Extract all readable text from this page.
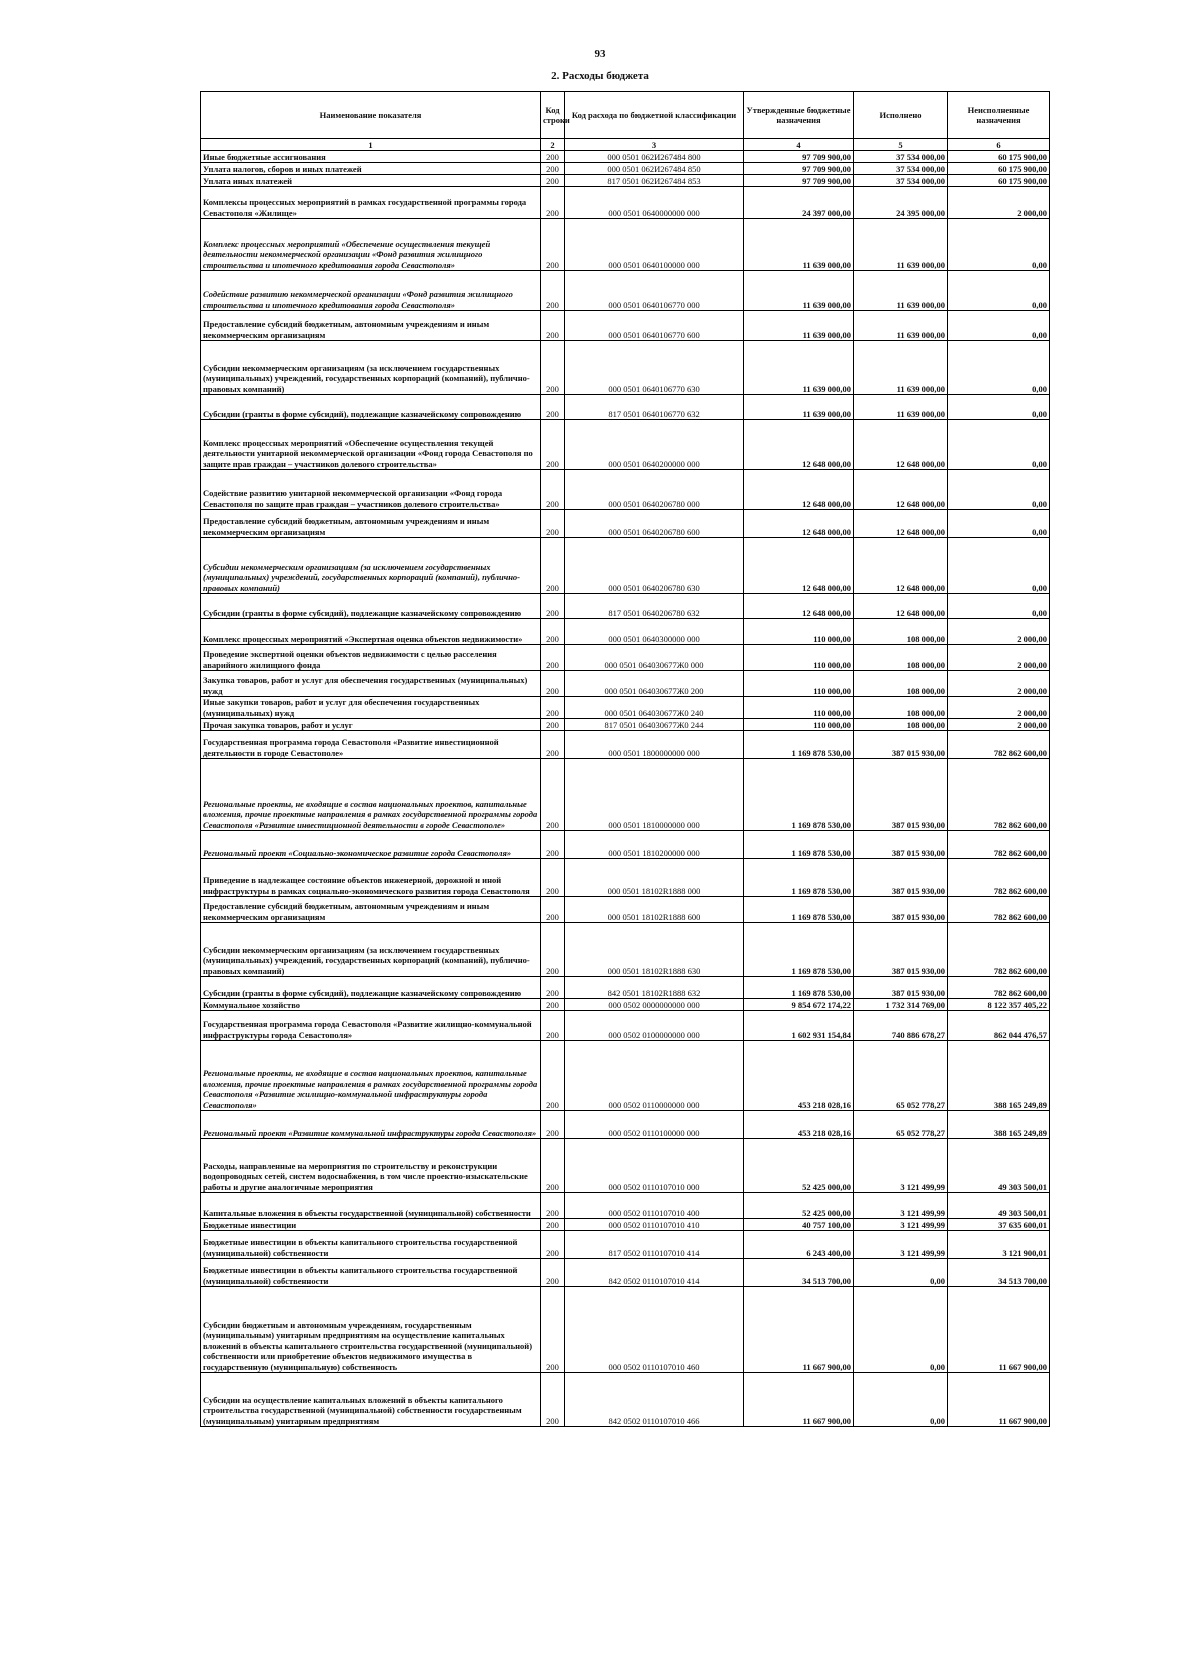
93
2. Расходы бюджета
Наименование показателя	Код строки	Код расхода по бюджетной классификации	Утвержденные бюджетные назначения	Исполнено	Неисполненные назначения
1	2	3	4	5	6
Иные бюджетные ассигнования	200	000 0501 062И267484 800	97 709 900,00	37 534 000,00	60 175 900,00
Уплата налогов, сборов и иных платежей	200	000 0501 062И267484 850	97 709 900,00	37 534 000,00	60 175 900,00
Уплата иных платежей	200	817 0501 062И267484 853	97 709 900,00	37 534 000,00	60 175 900,00
Комплексы процессных мероприятий в рамках государственной программы города Севастополя «Жилище»	200	000 0501 0640000000 000	24 397 000,00	24 395 000,00	2 000,00
Комплекс процессных мероприятий «Обеспечение осуществления текущей деятельности некоммерческой организации «Фонд развития жилищного строительства и ипотечного кредитования города Севастополя»	200	000 0501 0640100000 000	11 639 000,00	11 639 000,00	0,00
Содействие развитию некоммерческой организации «Фонд развития жилищного строительства и ипотечного кредитования города Севастополя»	200	000 0501 0640106770 000	11 639 000,00	11 639 000,00	0,00
Предоставление субсидий бюджетным, автономным учреждениям и иным некоммерческим организациям	200	000 0501 0640106770 600	11 639 000,00	11 639 000,00	0,00
Субсидии некоммерческим организациям (за исключением государственных (муниципальных) учреждений, государственных корпораций (компаний), публично-правовых компаний)	200	000 0501 0640106770 630	11 639 000,00	11 639 000,00	0,00
Субсидии (гранты в форме субсидий), подлежащие казначейскому сопровождению	200	817 0501 0640106770 632	11 639 000,00	11 639 000,00	0,00
Комплекс процессных мероприятий «Обеспечение осуществления текущей деятельности унитарной некоммерческой организации «Фонд города Севастополя по защите прав граждан – участников долевого строительства»	200	000 0501 0640200000 000	12 648 000,00	12 648 000,00	0,00
Содействие развитию унитарной некоммерческой организации «Фонд города Севастополя по защите прав граждан – участников долевого строительства»	200	000 0501 0640206780 000	12 648 000,00	12 648 000,00	0,00
Предоставление субсидий бюджетным, автономным учреждениям и иным некоммерческим организациям	200	000 0501 0640206780 600	12 648 000,00	12 648 000,00	0,00
Субсидии некоммерческим организациям (за исключением государственных (муниципальных) учреждений, государственных корпораций (компаний), публично-правовых компаний)	200	000 0501 0640206780 630	12 648 000,00	12 648 000,00	0,00
Субсидии (гранты в форме субсидий), подлежащие казначейскому сопровождению	200	817 0501 0640206780 632	12 648 000,00	12 648 000,00	0,00
Комплекс процессных мероприятий «Экспертная оценка объектов недвижимости»	200	000 0501 0640300000 000	110 000,00	108 000,00	2 000,00
Проведение экспертной оценки объектов недвижимости с целью расселения аварийного жилищного фонда	200	000 0501 064030677Ж0 000	110 000,00	108 000,00	2 000,00
Закупка товаров, работ и услуг для обеспечения государственных (муниципальных) нужд	200	000 0501 064030677Ж0 200	110 000,00	108 000,00	2 000,00
Иные закупки товаров, работ и услуг для обеспечения государственных (муниципальных) нужд	200	000 0501 064030677Ж0 240	110 000,00	108 000,00	2 000,00
Прочая закупка товаров, работ и услуг	200	817 0501 064030677Ж0 244	110 000,00	108 000,00	2 000,00
Государственная программа города Севастополя «Развитие инвестиционной деятельности в городе Севастополе»	200	000 0501 1800000000 000	1 169 878 530,00	387 015 930,00	782 862 600,00
Региональные проекты, не входящие в состав национальных проектов, капитальные вложения, прочие проектные направления в рамках государственной программы города Севастополя «Развитие инвестиционной деятельности в городе Севастополе»	200	000 0501 1810000000 000	1 169 878 530,00	387 015 930,00	782 862 600,00
Региональный проект «Социально-экономическое развитие города Севастополя»	200	000 0501 1810200000 000	1 169 878 530,00	387 015 930,00	782 862 600,00
Приведение в надлежащее состояние объектов инженерной, дорожной и иной инфраструктуры в рамках социально-экономического развития города Севастополя	200	000 0501 18102R1888 000	1 169 878 530,00	387 015 930,00	782 862 600,00
Предоставление субсидий бюджетным, автономным учреждениям и иным некоммерческим организациям	200	000 0501 18102R1888 600	1 169 878 530,00	387 015 930,00	782 862 600,00
Субсидии некоммерческим организациям (за исключением государственных (муниципальных) учреждений, государственных корпораций (компаний), публично-правовых компаний)	200	000 0501 18102R1888 630	1 169 878 530,00	387 015 930,00	782 862 600,00
Субсидии (гранты в форме субсидий), подлежащие казначейскому сопровождению	200	842 0501 18102R1888 632	1 169 878 530,00	387 015 930,00	782 862 600,00
Коммунальное хозяйство	200	000 0502 0000000000 000	9 854 672 174,22	1 732 314 769,00	8 122 357 405,22
Государственная программа города Севастополя «Развитие жилищно-коммунальной инфраструктуры города Севастополя»	200	000 0502 0100000000 000	1 602 931 154,84	740 886 678,27	862 044 476,57
Региональные проекты, не входящие в состав национальных проектов, капитальные вложения, прочие проектные направления в рамках государственной программы города Севастополя «Развитие жилищно-коммунальной инфраструктуры города Севастополя»	200	000 0502 0110000000 000	453 218 028,16	65 052 778,27	388 165 249,89
Региональный проект «Развитие коммунальной инфраструктуры города Севастополя»	200	000 0502 0110100000 000	453 218 028,16	65 052 778,27	388 165 249,89
Расходы, направленные на мероприятия по строительству и реконструкции водопроводных сетей, систем водоснабжения, в том числе проектно-изыскательские работы и другие аналогичные мероприятия	200	000 0502 0110107010 000	52 425 000,00	3 121 499,99	49 303 500,01
Капитальные вложения в объекты государственной (муниципальной) собственности	200	000 0502 0110107010 400	52 425 000,00	3 121 499,99	49 303 500,01
Бюджетные инвестиции	200	000 0502 0110107010 410	40 757 100,00	3 121 499,99	37 635 600,01
Бюджетные инвестиции в объекты капитального строительства государственной (муниципальной) собственности	200	817 0502 0110107010 414	6 243 400,00	3 121 499,99	3 121 900,01
Бюджетные инвестиции в объекты капитального строительства государственной (муниципальной) собственности	200	842 0502 0110107010 414	34 513 700,00	0,00	34 513 700,00
Субсидии бюджетным и автономным учреждениям, государственным (муниципальным) унитарным предприятиям на осуществление капитальных вложений в объекты капитального строительства государственной (муниципальной) собственности или приобретение объектов недвижимого имущества в государственную (муниципальную) собственность	200	000 0502 0110107010 460	11 667 900,00	0,00	11 667 900,00
Субсидии на осуществление капитальных вложений в объекты капитального строительства государственной (муниципальной) собственности государственным (муниципальным) унитарным предприятиям	200	842 0502 0110107010 466	11 667 900,00	0,00	11 667 900,00
